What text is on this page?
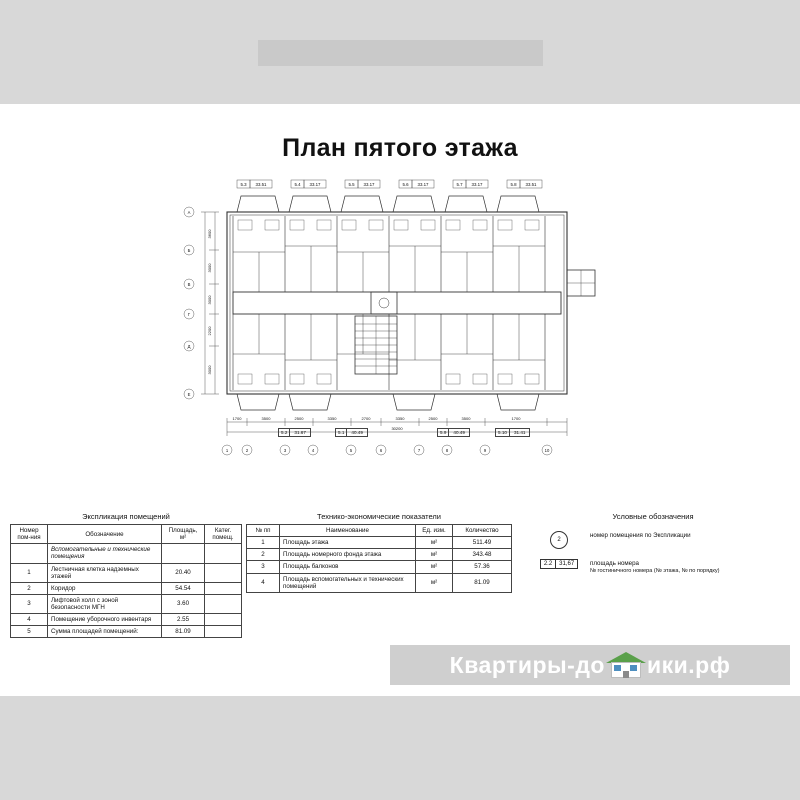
План пятого этажа
5.3 33.51	5.4 33.17	5.5 33.17	5.6 33.17	5.7 33.17	5.8 33.51
1700	3500	2500	3350	2700	3350	2500	3500	1700
30200
3600
3000
3000
2200
3000
1	2	3	4	5	6	7	8	9	10
А
Б
В
Г
Д
Е
5.2	31.67	5.1	40.49	5.9	40.49	5.10	31.41
Экспликация помещений
Номер пом-ния	Обозначение	Площадь, м²	Катег. помещ.
	Вспомогательные и технические помещения		
1	Лестничная клетка надземных этажей	20.40	
2	Коридор	54.54	
3	Лифтовой холл с зоной безопасности МГН	3.60	
4	Помещение уборочного инвентаря	2.55	
5	Сумма площадей помещений:	81.09	
Технико-экономические показатели
№ пп	Наименование	Ед. изм.	Количество
1	Площадь этажа	м²	511.49
2	Площадь номерного фонда этажа	м²	343.48
3	Площадь балконов	м²	57.36
4	Площадь вспомогательных и технических помещений	м²	81.09
Условные обозначения
2
номер помещения по Экспликации
2.2	31,67	площадь номера
№ гостиничного номера (№ этажа, № по порядку)
Квартиры-до ики.рф
